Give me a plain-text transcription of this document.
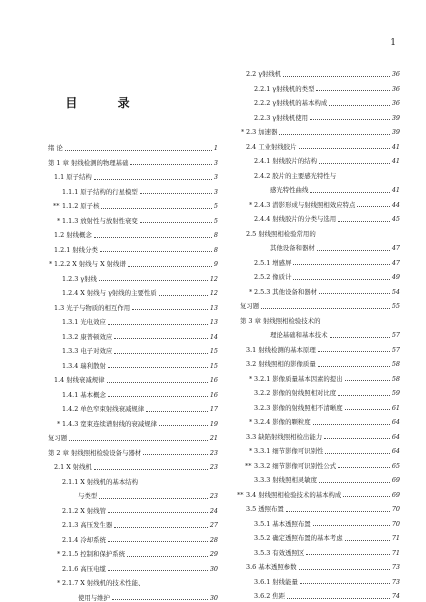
1
目 录
绪 论	1
第 1 章 射线检测的物理基础	3
1.1 原子结构	3
1.1.1 原子结构的行星模型	3
** 1.1.2 原子核	5
* 1.1.3 放射性与放射性衰变	5
1.2 射线概念	8
1.2.1 射线分类	8
* 1.2.2 X 射线与 X 射线谱	9
1.2.3 γ射线	12
1.2.4 X 射线与 γ射线的主要性质	12
1.3 光子与物质的相互作用	13
1.3.1 光电效应	13
1.3.2 康普顿效应	14
1.3.3 电子对效应	15
1.3.4 瑞利散射	15
1.4 射线衰减规律	16
1.4.1 基本概念	16
1.4.2 单色窄束射线衰减规律	17
* 1.4.3 宽束连续谱射线的衰减规律	19
复习题	21
第 2 章 射线照相检验设备与器材	23
2.1 X 射线机	23
2.1.1 X 射线机的基本结构
与类型	23
2.1.2 X 射线管	24
2.1.3 高压发生器	27
2.1.4 冷却系统	28
* 2.1.5 控制和保护系统	29
2.1.6 高压电缆	30
* 2.1.7 X 射线机的技术性能、
使用与维护	30
2.2 γ射线机	36
2.2.1 γ射线机的类型	36
2.2.2 γ射线机的基本构成	36
2.2.3 γ射线机使用	39
* 2.3 加速器	39
2.4 工业射线胶片	41
2.4.1 射线胶片的结构	41
2.4.2 胶片的主要感光特性与
感光特性曲线	41
* 2.4.3 潜影形成与射线照相效应特点	44
2.4.4 射线胶片的分类与选用	45
2.5 射线照相检验常用的
其他设备和器材	47
2.5.1 增感屏	47
2.5.2 像质计	49
* 2.5.3 其他设备和器材	54
复习题	55
第 3 章 射线照相检验技术的
理论基础和基本技术	57
3.1 射线检测的基本原理	57
3.2 射线照相的影像质量	58
* 3.2.1 影像质量基本因素的提出	58
3.2.2 影像的射线照相对比度	59
3.2.3 影像的射线照相不清晰度	61
* 3.2.4 影像的颗粒度	64
3.3 缺陷射线照相检出能力	64
* 3.3.1 细节影像可识别性	64
** 3.3.2 细节影像可识别性公式	65
3.3.3 射线照相灵敏度	69
** 3.4 射线照相检验技术的基本构成	69
3.5 透照布置	70
3.5.1 基本透照布置	70
3.5.2 确定透照布置的基本考虑	71
3.5.3 有效透照区	71
3.6 基本透照参数	73
3.6.1 射线能量	73
3.6.2 焦距	74
